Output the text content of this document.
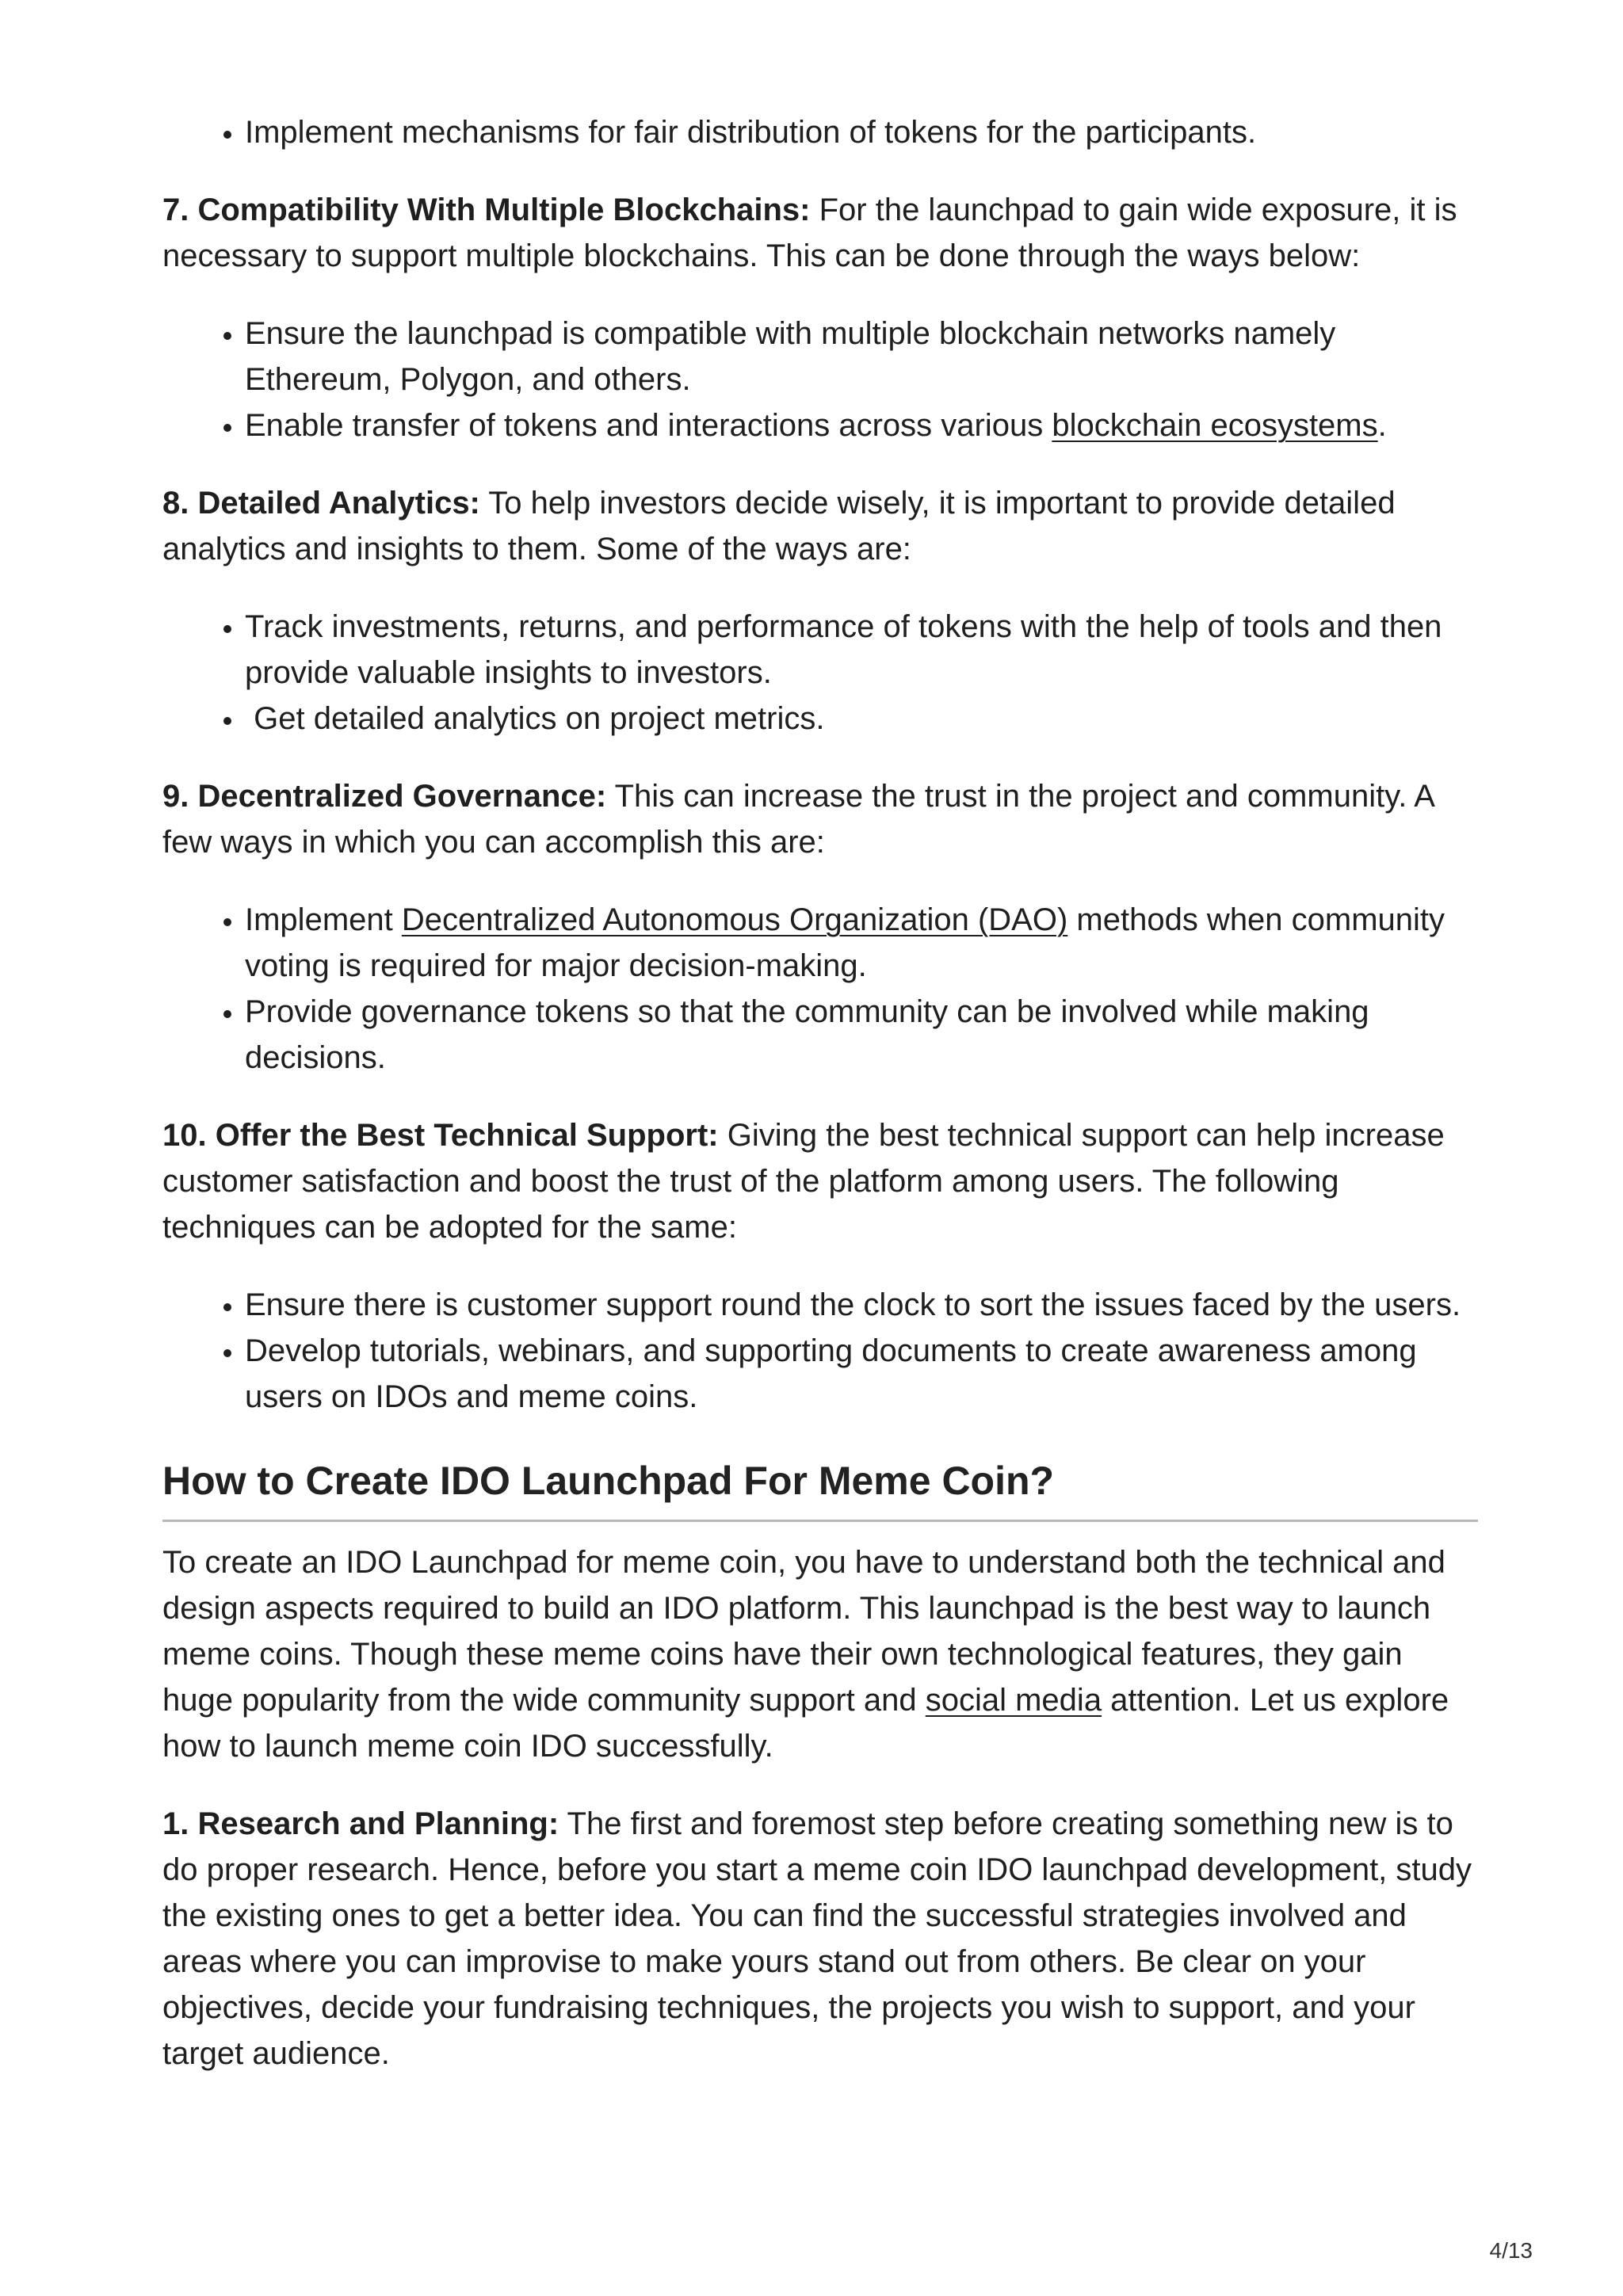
• Implement mechanisms for fair distribution of tokens for the participants.

7. Compatibility With Multiple Blockchains: For the launchpad to gain wide exposure, it is necessary to support multiple blockchains. This can be done through the ways below:

• Ensure the launchpad is compatible with multiple blockchain networks namely Ethereum, Polygon, and others.
• Enable transfer of tokens and interactions across various blockchain ecosystems.

8. Detailed Analytics: To help investors decide wisely, it is important to provide detailed analytics and insights to them. Some of the ways are:

• Track investments, returns, and performance of tokens with the help of tools and then provide valuable insights to investors.
•  Get detailed analytics on project metrics.

9. Decentralized Governance: This can increase the trust in the project and community. A few ways in which you can accomplish this are:

• Implement Decentralized Autonomous Organization (DAO) methods when community voting is required for major decision-making.
• Provide governance tokens so that the community can be involved while making decisions.

10. Offer the Best Technical Support: Giving the best technical support can help increase customer satisfaction and boost the trust of the platform among users. The following techniques can be adopted for the same:

• Ensure there is customer support round the clock to sort the issues faced by the users.
• Develop tutorials, webinars, and supporting documents to create awareness among users on IDOs and meme coins.
How to Create IDO Launchpad For Meme Coin?

To create an IDO Launchpad for meme coin, you have to understand both the technical and design aspects required to build an IDO platform. This launchpad is the best way to launch meme coins. Though these meme coins have their own technological features, they gain huge popularity from the wide community support and social media attention. Let us explore how to launch meme coin IDO successfully.

1. Research and Planning: The first and foremost step before creating something new is to do proper research. Hence, before you start a meme coin IDO launchpad development, study the existing ones to get a better idea. You can find the successful strategies involved and areas where you can improvise to make yours stand out from others. Be clear on your objectives, decide your fundraising techniques, the projects you wish to support, and your target audience.

4/13
